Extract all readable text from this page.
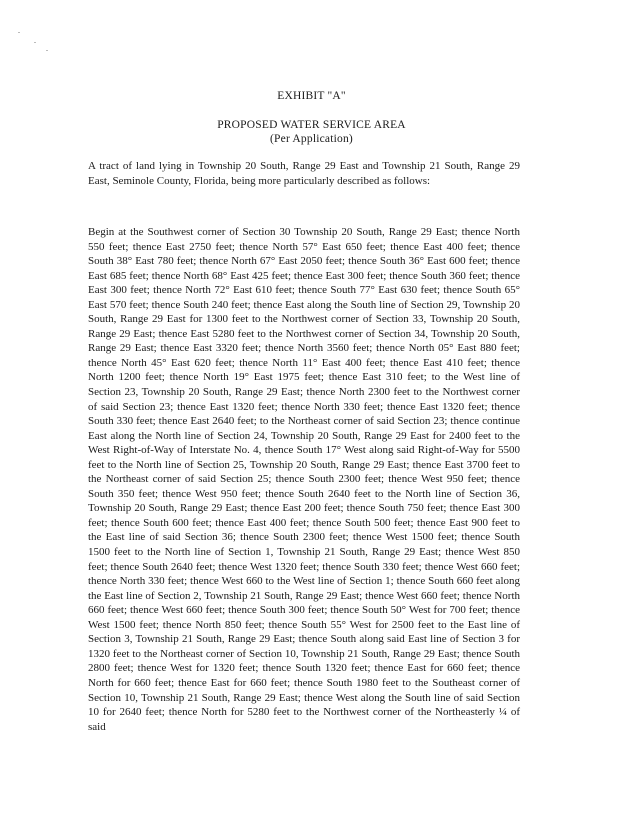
EXHIBIT "A"
PROPOSED WATER SERVICE AREA
(Per Application)

A tract of land lying in Township 20 South, Range 29 East and Township 21 South, Range 29 East, Seminole County, Florida, being more particularly described as follows:

Begin at the Southwest corner of Section 30 Township 20 South, Range 29 East; thence North 550 feet; thence East 2750 feet; thence North 57° East 650 feet; thence East 400 feet; thence South 38° East 780 feet; thence North 67° East 2050 feet; thence South 36° East 600 feet; thence East 685 feet; thence North 68° East 425 feet; thence East 300 feet; thence South 360 feet; thence East 300 feet; thence North 72° East 610 feet; thence South 77° East 630 feet; thence South 65° East 570 feet; thence South 240 feet; thence East along the South line of Section 29, Township 20 South, Range 29 East for 1300 feet to the Northwest corner of Section 33, Township 20 South, Range 29 East; thence East 5280 feet to the Northwest corner of Section 34, Township 20 South, Range 29 East; thence East 3320 feet; thence North 3560 feet; thence North 05° East 880 feet; thence North 45° East 620 feet; thence North 11° East 400 feet; thence East 410 feet; thence North 1200 feet; thence North 19° East 1975 feet; thence East 310 feet; to the West line of Section 23, Township 20 South, Range 29 East; thence North 2300 feet to the Northwest corner of said Section 23; thence East 1320 feet; thence North 330 feet; thence East 1320 feet; thence South 330 feet; thence East 2640 feet; to the Northeast corner of said Section 23; thence continue East along the North line of Section 24, Township 20 South, Range 29 East for 2400 feet to the West Right-of-Way of Interstate No. 4, thence South 17° West along said Right-of-Way for 5500 feet to the North line of Section 25, Township 20 South, Range 29 East; thence East 3700 feet to the Northeast corner of said Section 25; thence South 2300 feet; thence West 950 feet; thence South 350 feet; thence West 950 feet; thence South 2640 feet to the North line of Section 36, Township 20 South, Range 29 East; thence East 200 feet; thence South 750 feet; thence East 300 feet; thence South 600 feet; thence East 400 feet; thence South 500 feet; thence East 900 feet to the East line of said Section 36; thence South 2300 feet; thence West 1500 feet; thence South 1500 feet to the North line of Section 1, Township 21 South, Range 29 East; thence West 850 feet; thence South 2640 feet; thence West 1320 feet; thence South 330 feet; thence West 660 feet; thence North 330 feet; thence West 660 to the West line of Section 1; thence South 660 feet along the East line of Section 2, Township 21 South, Range 29 East; thence West 660 feet; thence North 660 feet; thence West 660 feet; thence South 300 feet; thence South 50° West for 700 feet; thence West 1500 feet; thence North 850 feet; thence South 55° West for 2500 feet to the East line of Section 3, Township 21 South, Range 29 East; thence South along said East line of Section 3 for 1320 feet to the Northeast corner of Section 10, Township 21 South, Range 29 East; thence South 2800 feet; thence West for 1320 feet; thence South 1320 feet; thence East for 660 feet; thence North for 660 feet; thence East for 660 feet; thence South 1980 feet to the Southeast corner of Section 10, Township 21 South, Range 29 East; thence West along the South line of said Section 10 for 2640 feet; thence North for 5280 feet to the Northwest corner of the Northeasterly ¼ of said
